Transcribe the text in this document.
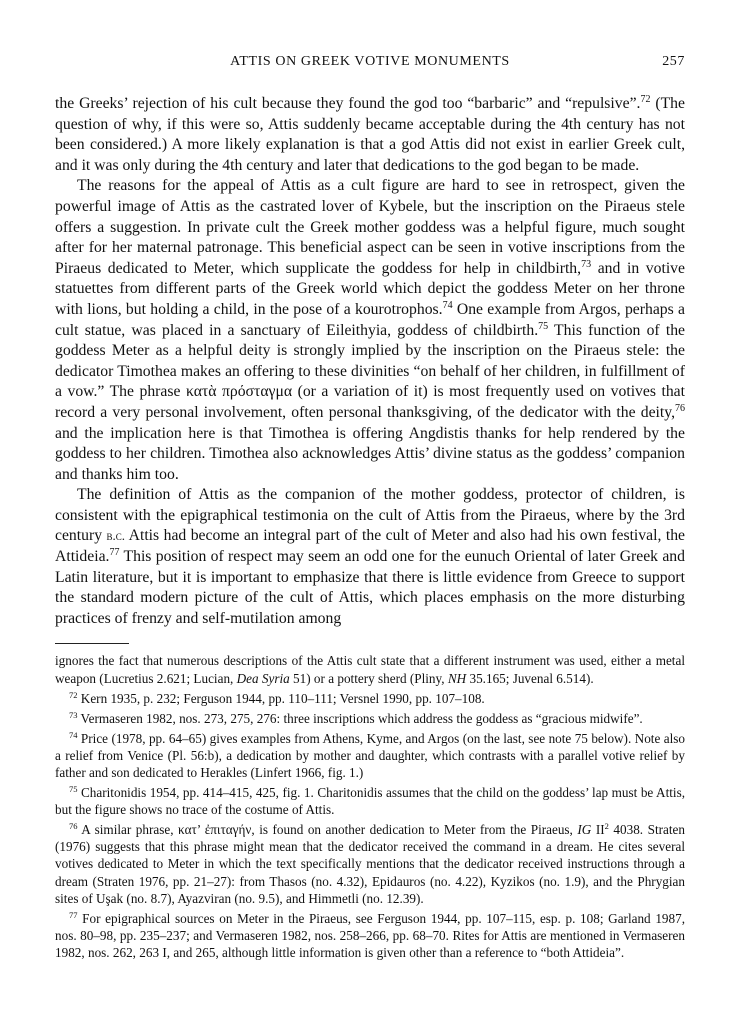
ATTIS ON GREEK VOTIVE MONUMENTS	257

the Greeks’ rejection of his cult because they found the god too “barbaric” and “repulsive”.$^{72}$ (The question of why, if this were so, Attis suddenly became acceptable during the 4th century has not been considered.) A more likely explanation is that a god Attis did not exist in earlier Greek cult, and it was only during the 4th century and later that dedications to the god began to be made.

The reasons for the appeal of Attis as a cult figure are hard to see in retrospect, given the powerful image of Attis as the castrated lover of Kybele, but the inscription on the Piraeus stele offers a suggestion. In private cult the Greek mother goddess was a helpful figure, much sought after for her maternal patronage. This beneficial aspect can be seen in votive inscriptions from the Piraeus dedicated to Meter, which supplicate the goddess for help in childbirth,$^{73}$ and in votive statuettes from different parts of the Greek world which depict the goddess Meter on her throne with lions, but holding a child, in the pose of a kourotrophos.$^{74}$ One example from Argos, perhaps a cult statue, was placed in a sanctuary of Eileithyia, goddess of childbirth.$^{75}$ This function of the goddess Meter as a helpful deity is strongly implied by the inscription on the Piraeus stele: the dedicator Timothea makes an offering to these divinities “on behalf of her children, in fulfillment of a vow.” The phrase κατὰ πρόσταγμα (or a variation of it) is most frequently used on votives that record a very personal involvement, often personal thanksgiving, of the dedicator with the deity,$^{76}$ and the implication here is that Timothea is offering Angdistis thanks for help rendered by the goddess to her children. Timothea also acknowledges Attis’ divine status as the goddess’ companion and thanks him too.

The definition of Attis as the companion of the mother goddess, protector of children, is consistent with the epigraphical testimonia on the cult of Attis from the Piraeus, where by the 3rd century b.c. Attis had become an integral part of the cult of Meter and also had his own festival, the Attideia.$^{77}$ This position of respect may seem an odd one for the eunuch Oriental of later Greek and Latin literature, but it is important to emphasize that there is little evidence from Greece to support the standard modern picture of the cult of Attis, which places emphasis on the more disturbing practices of frenzy and self-mutilation among

ignores the fact that numerous descriptions of the Attis cult state that a different instrument was used, either a metal weapon (Lucretius 2.621; Lucian, Dea Syria 51) or a pottery sherd (Pliny, NH 35.165; Juvenal 6.514).

$^{72}$ Kern 1935, p. 232; Ferguson 1944, pp. 110–111; Versnel 1990, pp. 107–108.

$^{73}$ Vermaseren 1982, nos. 273, 275, 276: three inscriptions which address the goddess as “gracious midwife”.

$^{74}$ Price (1978, pp. 64–65) gives examples from Athens, Kyme, and Argos (on the last, see note 75 below). Note also a relief from Venice (Pl. 56:b), a dedication by mother and daughter, which contrasts with a parallel votive relief by father and son dedicated to Herakles (Linfert 1966, fig. 1.)

$^{75}$ Charitonidis 1954, pp. 414–415, 425, fig. 1. Charitonidis assumes that the child on the goddess’ lap must be Attis, but the figure shows no trace of the costume of Attis.

$^{76}$ A similar phrase, κατ’ ἐπιταγήν, is found on another dedication to Meter from the Piraeus, IG $II^2$ 4038. Straten (1976) suggests that this phrase might mean that the dedicator received the command in a dream. He cites several votives dedicated to Meter in which the text specifically mentions that the dedicator received instructions through a dream (Straten 1976, pp. 21–27): from Thasos (no. 4.32), Epidauros (no. 4.22), Kyzikos (no. 1.9), and the Phrygian sites of Uşak (no. 8.7), Ayazviran (no. 9.5), and Himmetli (no. 12.39).

$^{77}$ For epigraphical sources on Meter in the Piraeus, see Ferguson 1944, pp. 107–115, esp. p. 108; Garland 1987, nos. 80–98, pp. 235–237; and Vermaseren 1982, nos. 258–266, pp. 68–70. Rites for Attis are mentioned in Vermaseren 1982, nos. 262, 263 I, and 265, although little information is given other than a reference to “both Attideia”.
